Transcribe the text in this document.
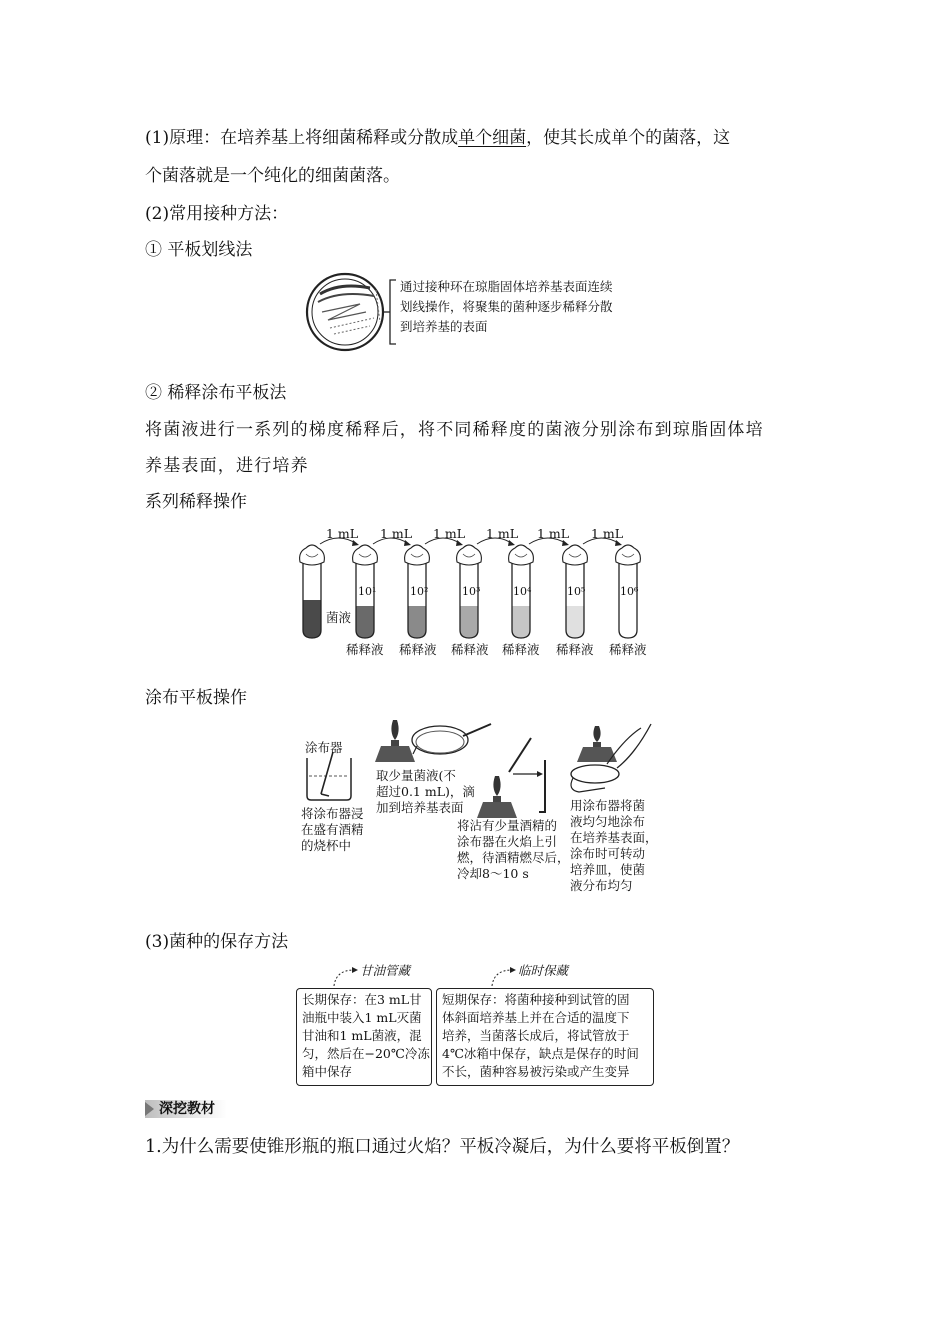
(1)原理：在培养基上将细菌稀释或分散成单个细菌，使其长成单个的菌落，这
个菌落就是一个纯化的细菌菌落。
(2)常用接种方法：
① 平板划线法
通过接种环在琼脂固体培养基表面连续
划线操作，将聚集的菌种逐步稀释分散
到培养基的表面
② 稀释涂布平板法
将菌液进行一系列的梯度稀释后，将不同稀释度的菌液分别涂布到琼脂固体培
养基表面，进行培养
系列稀释操作
1 mL 1 mL 1 mL 1 mL 1 mL 1 mL
菌液
10¹	10²	10³	10⁴	10⁵	10⁶
稀释液 稀释液 稀释液 稀释液 稀释液 稀释液
涂布平板操作
涂布器
将涂布器浸
在盛有酒精
的烧杯中
取少量菌液(不
超过0.1 mL)，滴
加到培养基表面
将沾有少量酒精的
涂布器在火焰上引
燃，待酒精燃尽后，
冷却8～10 s
用涂布器将菌
液均匀地涂布
在培养基表面，
涂布时可转动
培养皿，使菌
液分布均匀
(3)菌种的保存方法
甘油管藏	临时保藏
长期保存：在3 mL甘
油瓶中装入1 mL灭菌
甘油和1 mL菌液，混
匀，然后在−20℃冷冻
箱中保存
短期保存：将菌种接种到试管的固
体斜面培养基上并在合适的温度下
培养，当菌落长成后，将试管放于
4℃冰箱中保存，缺点是保存的时间
不长，菌种容易被污染或产生变异
深挖教材
1.为什么需要使锥形瓶的瓶口通过火焰？平板冷凝后，为什么要将平板倒置？
